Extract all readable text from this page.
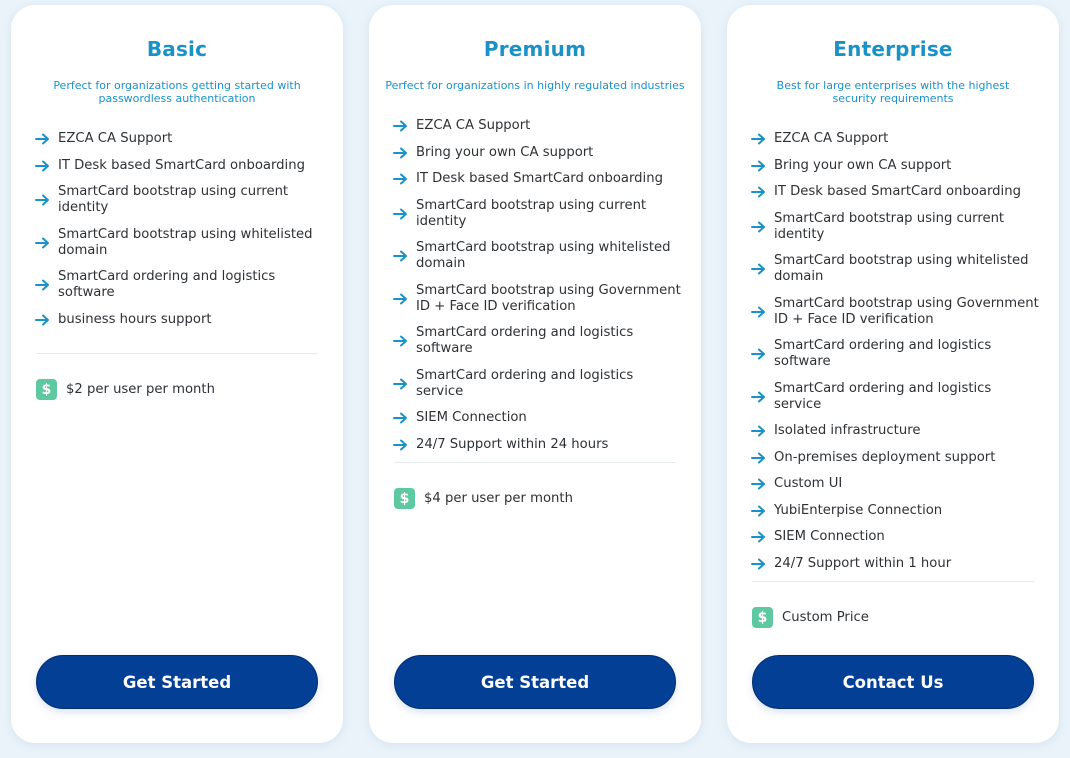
Basic

Perfect for organizations getting started with passwordless authentication

EZCA CA Support
IT Desk based SmartCard onboarding
SmartCard bootstrap using current identity
SmartCard bootstrap using whitelisted domain
SmartCard ordering and logistics software
business hours support
$	$2 per user per month
Get Started
Premium

Perfect for organizations in highly regulated industries

EZCA CA Support
Bring your own CA support
IT Desk based SmartCard onboarding
SmartCard bootstrap using current identity
SmartCard bootstrap using whitelisted domain
SmartCard bootstrap using Government ID + Face ID verification
SmartCard ordering and logistics software
SmartCard ordering and logistics service
SIEM Connection
24/7 Support within 24 hours
$	$4 per user per month
Get Started
Enterprise

Best for large enterprises with the highest security requirements

EZCA CA Support
Bring your own CA support
IT Desk based SmartCard onboarding
SmartCard bootstrap using current identity
SmartCard bootstrap using whitelisted domain
SmartCard bootstrap using Government ID + Face ID verification
SmartCard ordering and logistics software
SmartCard ordering and logistics service
Isolated infrastructure
On-premises deployment support
Custom UI
YubiEnterpise Connection
SIEM Connection
24/7 Support within 1 hour
$	Custom Price
Contact Us
